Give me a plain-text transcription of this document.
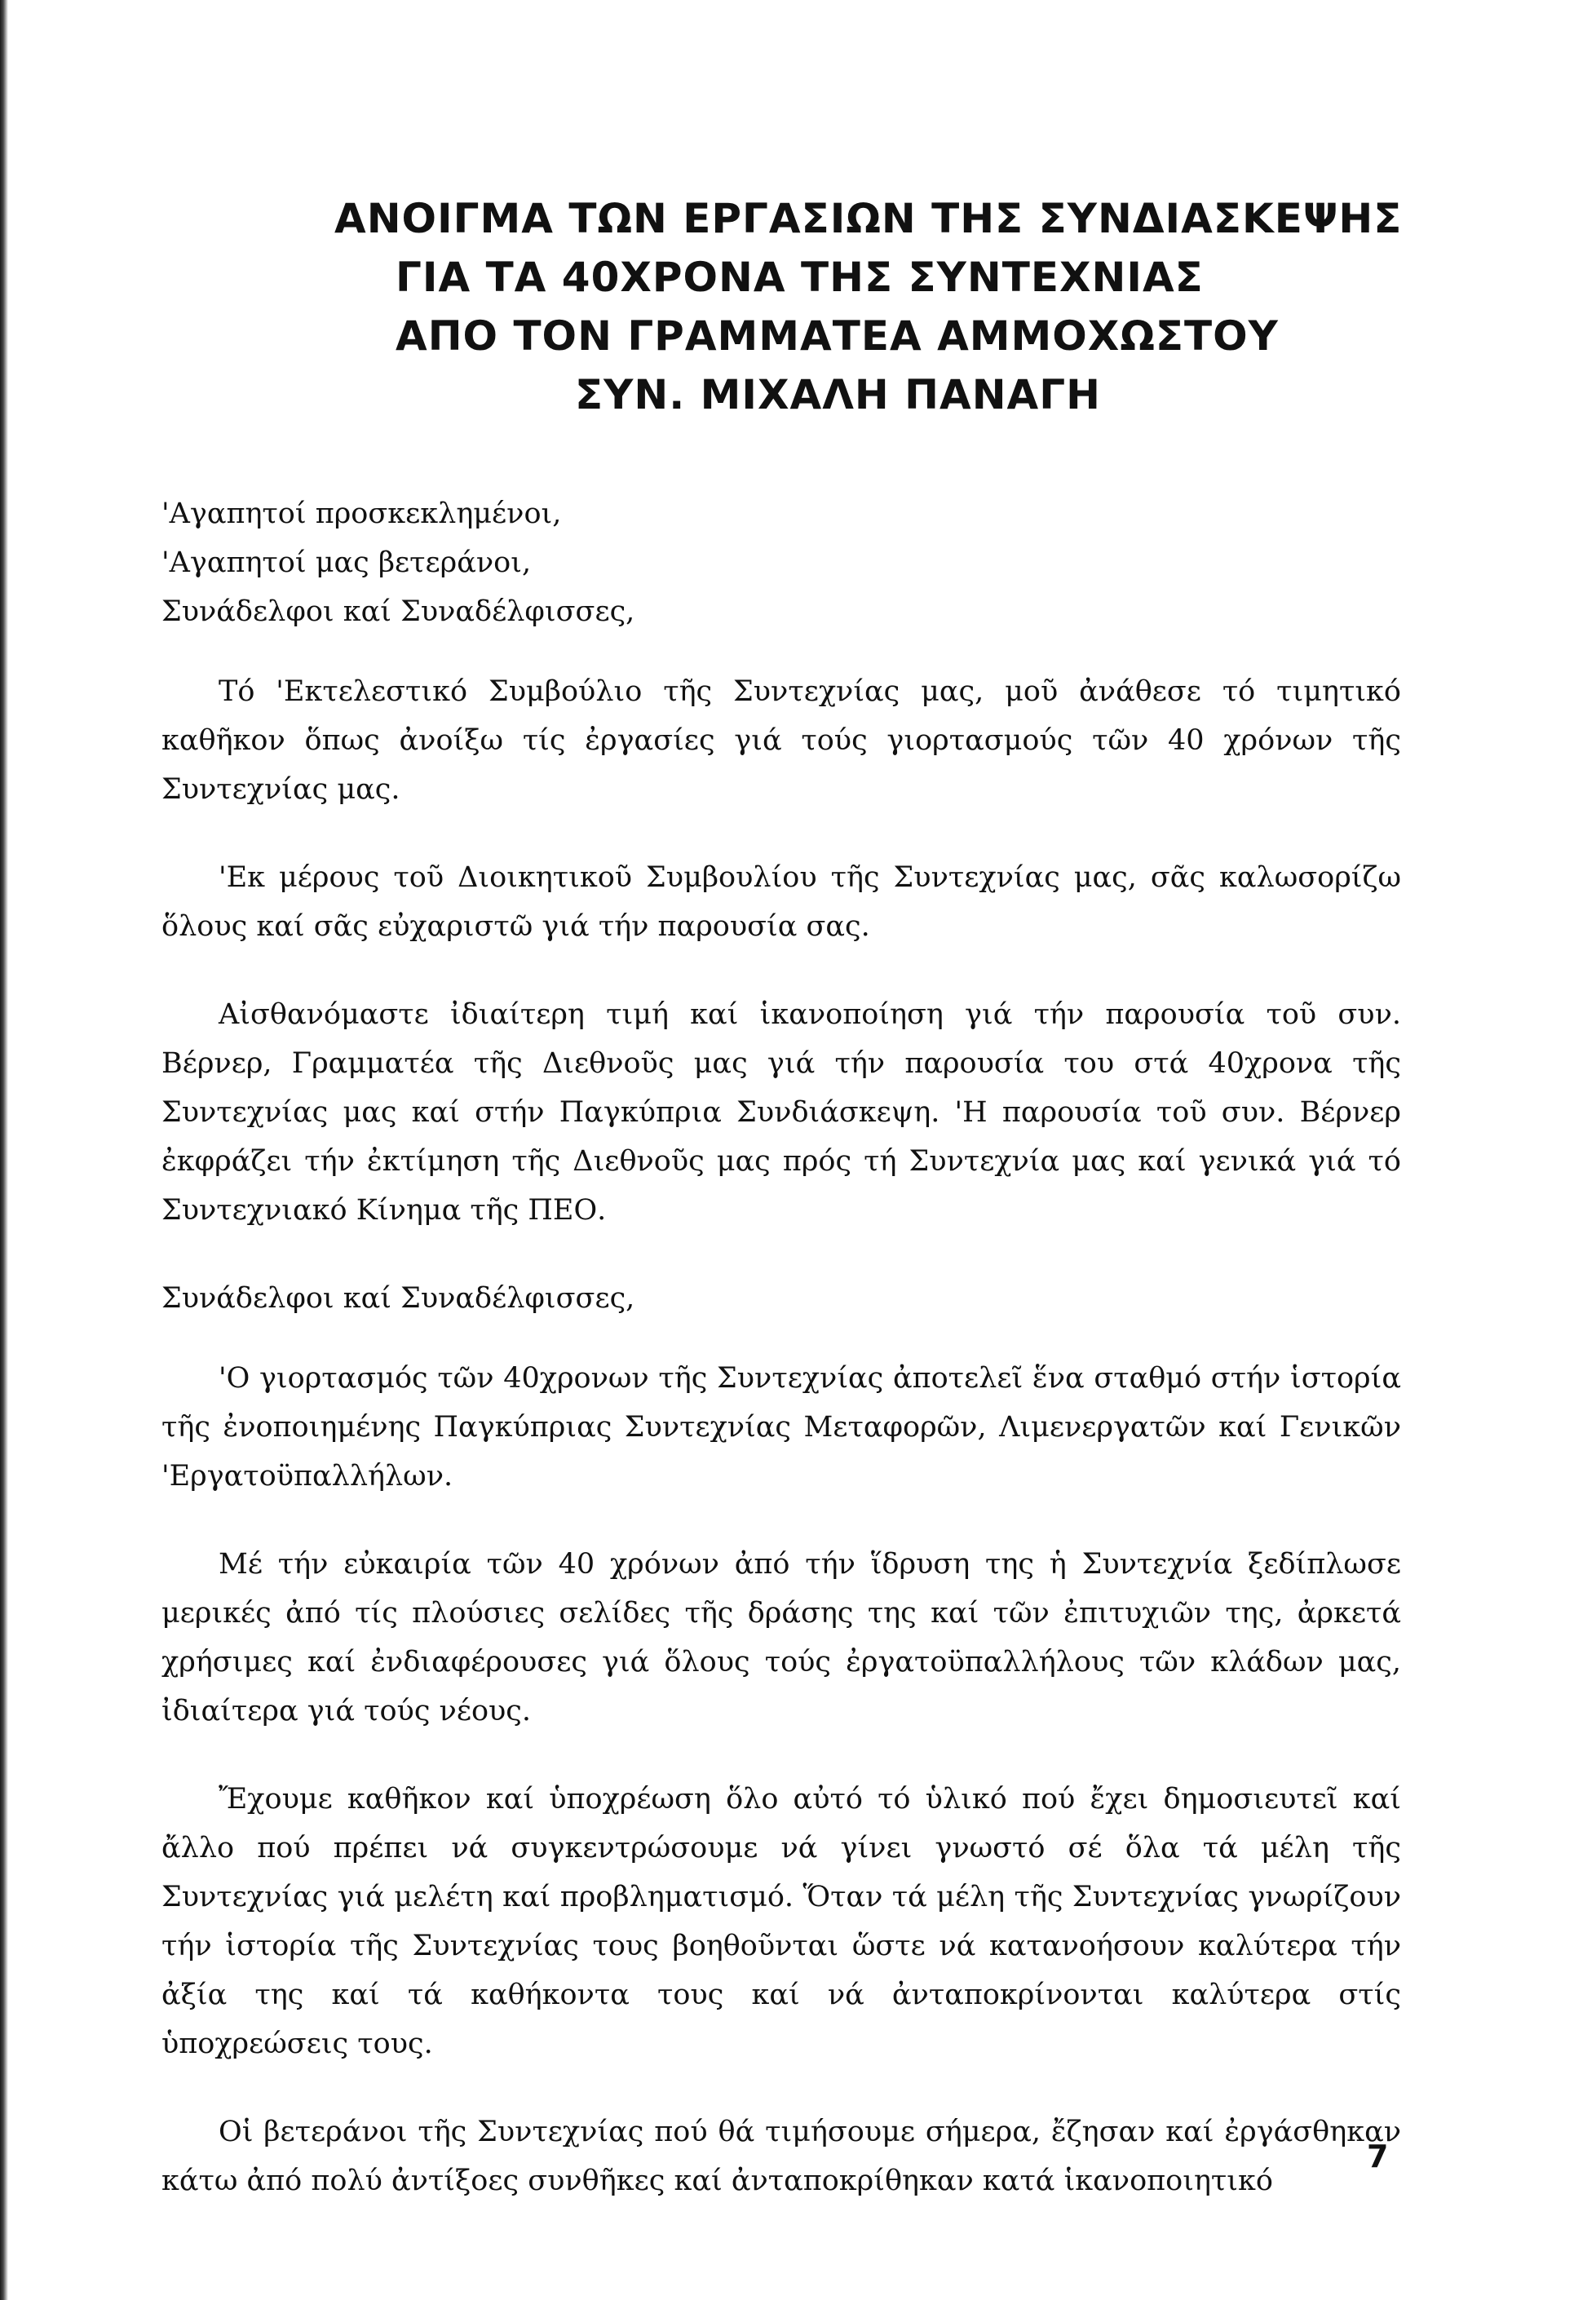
ΑΝΟΙΓΜΑ ΤΩΝ ΕΡΓΑΣΙΩΝ ΤΗΣ ΣΥΝΔΙΑΣΚΕΨΗΣ
ΓΙΑ ΤΑ 40ΧΡΟΝΑ ΤΗΣ ΣΥΝΤΕΧΝΙΑΣ
ΑΠΟ ΤΟΝ ΓΡΑΜΜΑΤΕΑ ΑΜΜΟΧΩΣΤΟΥ
ΣΥΝ. ΜΙΧΑΛΗ ΠΑΝΑΓΗ

'Αγαπητοί προσκεκλημένοι,

'Αγαπητοί μας βετεράνοι,

Συνάδελφοι καί Συναδέλφισσες,

Τό 'Εκτελεστικό Συμβούλιο τῆς Συντεχνίας μας, μοῦ ἀνάθεσε τό τιμητικό καθῆκον ὅπως ἀνοίξω τίς ἐργασίες γιά τούς γιορτασμούς τῶν 40 χρόνων τῆς Συντεχνίας μας.

'Εκ μέρους τοῦ Διοικητικοῦ Συμβουλίου τῆς Συντεχνίας μας, σᾶς καλωσορίζω ὅλους καί σᾶς εὐχαριστῶ γιά τήν παρουσία σας.

Αἰσθανόμαστε ἰδιαίτερη τιμή καί ἱκανοποίηση γιά τήν παρουσία τοῦ συν. Βέρνερ, Γραμματέα τῆς Διεθνοῦς μας γιά τήν παρουσία του στά 40χρονα τῆς Συντεχνίας μας καί στήν Παγκύπρια Συνδιάσκεψη. 'Η παρουσία τοῦ συν. Βέρνερ ἐκφράζει τήν ἐκτίμηση τῆς Διεθνοῦς μας πρός τή Συντεχνία μας καί γενικά γιά τό Συντεχνιακό Κίνημα τῆς ΠΕΟ.

Συνάδελφοι καί Συναδέλφισσες,

'Ο γιορτασμός τῶν 40χρονων τῆς Συντεχνίας ἀποτελεῖ ἕνα σταθμό στήν ἱστορία τῆς ἐνοποιημένης Παγκύπριας Συντεχνίας Μεταφορῶν, Λιμενεργατῶν καί Γενικῶν 'Εργατοϋπαλλήλων.

Μέ τήν εὐκαιρία τῶν 40 χρόνων ἀπό τήν ἵδρυση της ἡ Συντεχνία ξεδίπλωσε μερικές ἀπό τίς πλούσιες σελίδες τῆς δράσης της καί τῶν ἐπιτυχιῶν της, ἀρκετά χρήσιμες καί ἐνδιαφέρουσες γιά ὅλους τούς ἐργατοϋπαλλήλους τῶν κλάδων μας, ἰδιαίτερα γιά τούς νέους.

Ἔχουμε καθῆκον καί ὑποχρέωση ὅλο αὐτό τό ὑλικό πού ἔχει δημοσιευτεῖ καί ἄλλο πού πρέπει νά συγκεντρώσουμε νά γίνει γνωστό σέ ὅλα τά μέλη τῆς Συντεχνίας γιά μελέτη καί προβληματισμό. Ὅταν τά μέλη τῆς Συντεχνίας γνωρίζουν τήν ἱστορία τῆς Συντεχνίας τους βοηθοῦνται ὥστε νά κατανοήσουν καλύτερα τήν ἀξία της καί τά καθήκοντα τους καί νά ἀνταποκρίνονται καλύτερα στίς ὑποχρεώσεις τους.

Οἱ βετεράνοι τῆς Συντεχνίας πού θά τιμήσουμε σήμερα, ἔζησαν καί ἐργάσθηκαν κάτω ἀπό πολύ ἀντίξοες συνθῆκες καί ἀνταποκρίθηκαν κατά ἱκανοποιητικό

7
